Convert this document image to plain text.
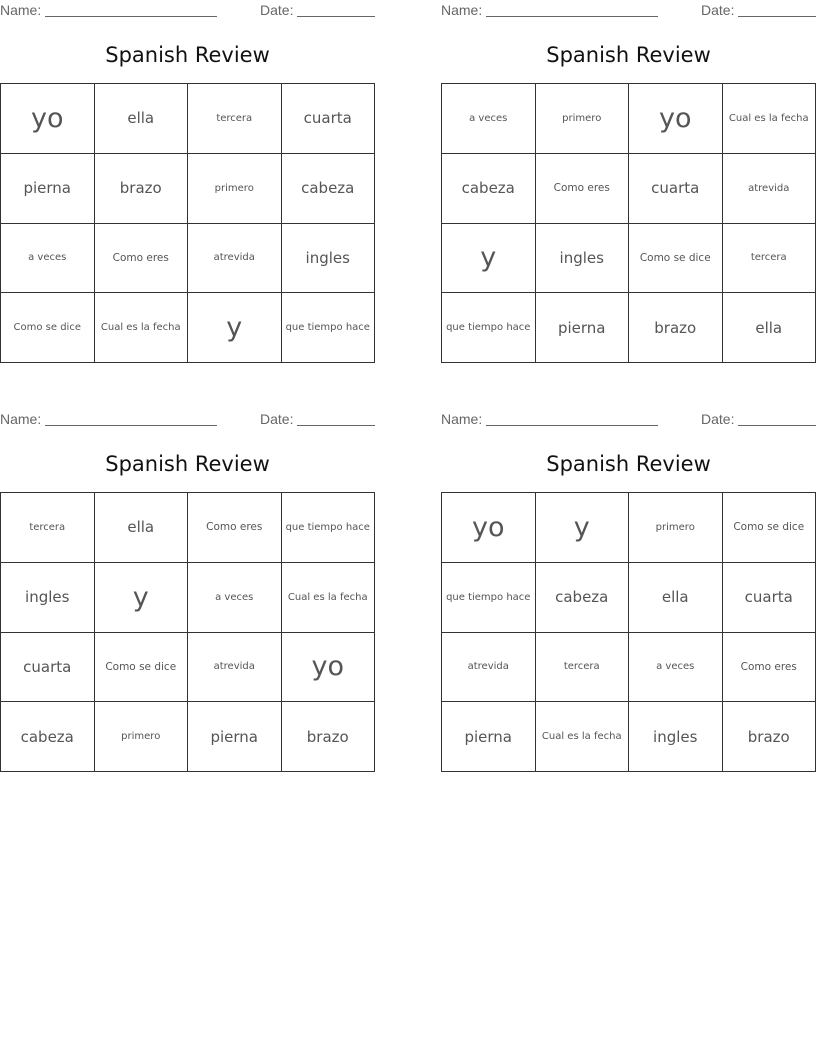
Name:	Date:
Spanish Review
yo	ella	tercera	cuarta
pierna	brazo	primero	cabeza
a veces	Como eres	atrevida	ingles
Como se dice	Cual es la fecha	y	que tiempo hace
Name:	Date:
Spanish Review
a veces	primero	yo	Cual es la fecha
cabeza	Como eres	cuarta	atrevida
y	ingles	Como se dice	tercera
que tiempo hace	pierna	brazo	ella
Name:	Date:
Spanish Review
tercera	ella	Como eres	que tiempo hace
ingles	y	a veces	Cual es la fecha
cuarta	Como se dice	atrevida	yo
cabeza	primero	pierna	brazo
Name:	Date:
Spanish Review
yo	y	primero	Como se dice
que tiempo hace	cabeza	ella	cuarta
atrevida	tercera	a veces	Como eres
pierna	Cual es la fecha	ingles	brazo
